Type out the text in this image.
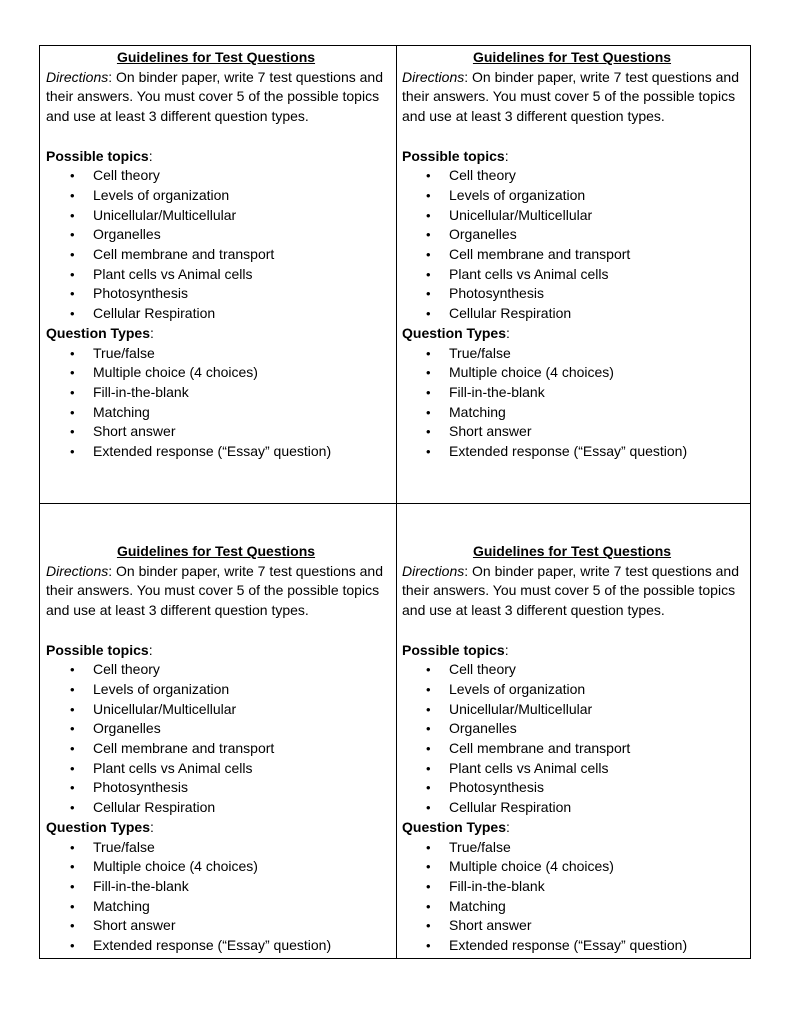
Guidelines for Test Questions

Directions: On binder paper, write 7 test questions and their answers. You must cover 5 of the possible topics and use at least 3 different question types.

Possible topics:

• Cell theory
• Levels of organization
• Unicellular/Multicellular
• Organelles
• Cell membrane and transport
• Plant cells vs Animal cells
• Photosynthesis
• Cellular Respiration

Question Types:

• True/false
• Multiple choice (4 choices)
• Fill-in-the-blank
• Matching
• Short answer
• Extended response (“Essay” question)

Guidelines for Test Questions

Directions: On binder paper, write 7 test questions and their answers. You must cover 5 of the possible topics and use at least 3 different question types.

Possible topics:

• Cell theory
• Levels of organization
• Unicellular/Multicellular
• Organelles
• Cell membrane and transport
• Plant cells vs Animal cells
• Photosynthesis
• Cellular Respiration

Question Types:

• True/false
• Multiple choice (4 choices)
• Fill-in-the-blank
• Matching
• Short answer
• Extended response (“Essay” question)

Guidelines for Test Questions

Directions: On binder paper, write 7 test questions and their answers. You must cover 5 of the possible topics and use at least 3 different question types.

Possible topics:

• Cell theory
• Levels of organization
• Unicellular/Multicellular
• Organelles
• Cell membrane and transport
• Plant cells vs Animal cells
• Photosynthesis
• Cellular Respiration

Question Types:

• True/false
• Multiple choice (4 choices)
• Fill-in-the-blank
• Matching
• Short answer
• Extended response (“Essay” question)

Guidelines for Test Questions

Directions: On binder paper, write 7 test questions and their answers. You must cover 5 of the possible topics and use at least 3 different question types.

Possible topics:

• Cell theory
• Levels of organization
• Unicellular/Multicellular
• Organelles
• Cell membrane and transport
• Plant cells vs Animal cells
• Photosynthesis
• Cellular Respiration

Question Types:

• True/false
• Multiple choice (4 choices)
• Fill-in-the-blank
• Matching
• Short answer
• Extended response (“Essay” question)
